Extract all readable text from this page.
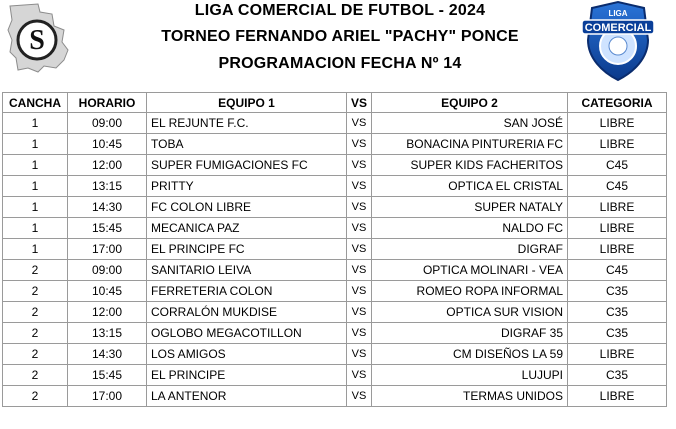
S
LIGA COMERCIAL DE FUTBOL - 2024
TORNEO FERNANDO ARIEL "PACHY" PONCE
PROGRAMACION FECHA Nº 14
LIGA
COMERCIAL
CANCHA	HORARIO	EQUIPO 1	VS	EQUIPO 2	CATEGORIA
1	09:00	EL REJUNTE F.C.	VS	SAN JOSÉ	LIBRE
1	10:45	TOBA	VS	BONACINA PINTURERIA FC	LIBRE
1	12:00	SUPER FUMIGACIONES FC	VS	SUPER KIDS FACHERITOS	C45
1	13:15	PRITTY	VS	OPTICA EL CRISTAL	C45
1	14:30	FC COLON LIBRE	VS	SUPER NATALY	LIBRE
1	15:45	MECANICA PAZ	VS	NALDO FC	LIBRE
1	17:00	EL PRINCIPE FC	VS	DIGRAF	LIBRE
2	09:00	SANITARIO LEIVA	VS	OPTICA MOLINARI - VEA	C45
2	10:45	FERRETERIA COLON	VS	ROMEO ROPA INFORMAL	C35
2	12:00	CORRALÓN MUKDISE	VS	OPTICA SUR VISION	C35
2	13:15	OGLOBO MEGACOTILLON	VS	DIGRAF 35	C35
2	14:30	LOS AMIGOS	VS	CM DISEÑOS LA 59	LIBRE
2	15:45	EL PRINCIPE	VS	LUJUPI	C35
2	17:00	LA ANTENOR	VS	TERMAS UNIDOS	LIBRE
